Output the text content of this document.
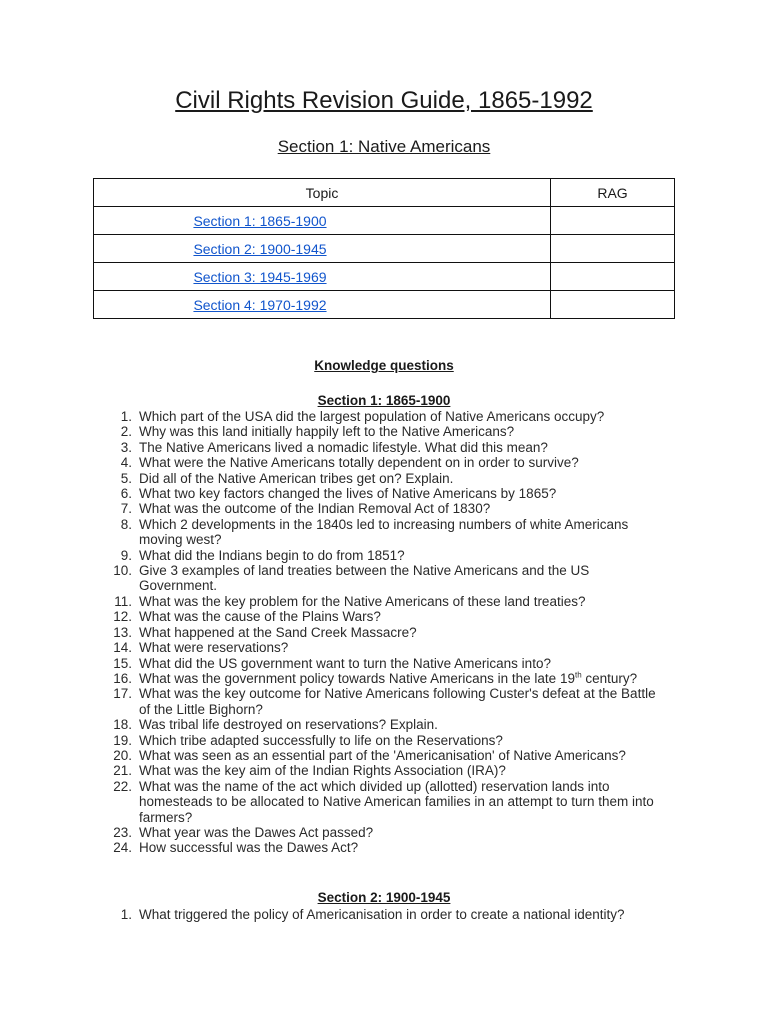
Civil Rights Revision Guide, 1865-1992
Section 1: Native Americans
Topic	RAG
Section 1: 1865-1900	
Section 2: 1900-1945	
Section 3: 1945-1969	
Section 4: 1970-1992	
Knowledge questions
Section 1: 1865-1900
1. Which part of the USA did the largest population of Native Americans occupy?
2. Why was this land initially happily left to the Native Americans?
3. The Native Americans lived a nomadic lifestyle. What did this mean?
4. What were the Native Americans totally dependent on in order to survive?
5. Did all of the Native American tribes get on? Explain.
6. What two key factors changed the lives of Native Americans by 1865?
7. What was the outcome of the Indian Removal Act of 1830?
8. Which 2 developments in the 1840s led to increasing numbers of white Americans moving west?
9. What did the Indians begin to do from 1851?
10. Give 3 examples of land treaties between the Native Americans and the US Government.
11. What was the key problem for the Native Americans of these land treaties?
12. What was the cause of the Plains Wars?
13. What happened at the Sand Creek Massacre?
14. What were reservations?
15. What did the US government want to turn the Native Americans into?
16. What was the government policy towards Native Americans in the late 19th century?
17. What was the key outcome for Native Americans following Custer's defeat at the Battle of the Little Bighorn?
18. Was tribal life destroyed on reservations? Explain.
19. Which tribe adapted successfully to life on the Reservations?
20. What was seen as an essential part of the 'Americanisation' of Native Americans?
21. What was the key aim of the Indian Rights Association (IRA)?
22. What was the name of the act which divided up (allotted) reservation lands into homesteads to be allocated to Native American families in an attempt to turn them into farmers?
23. What year was the Dawes Act passed?
24. How successful was the Dawes Act?
Section 2: 1900-1945
1. What triggered the policy of Americanisation in order to create a national identity?
